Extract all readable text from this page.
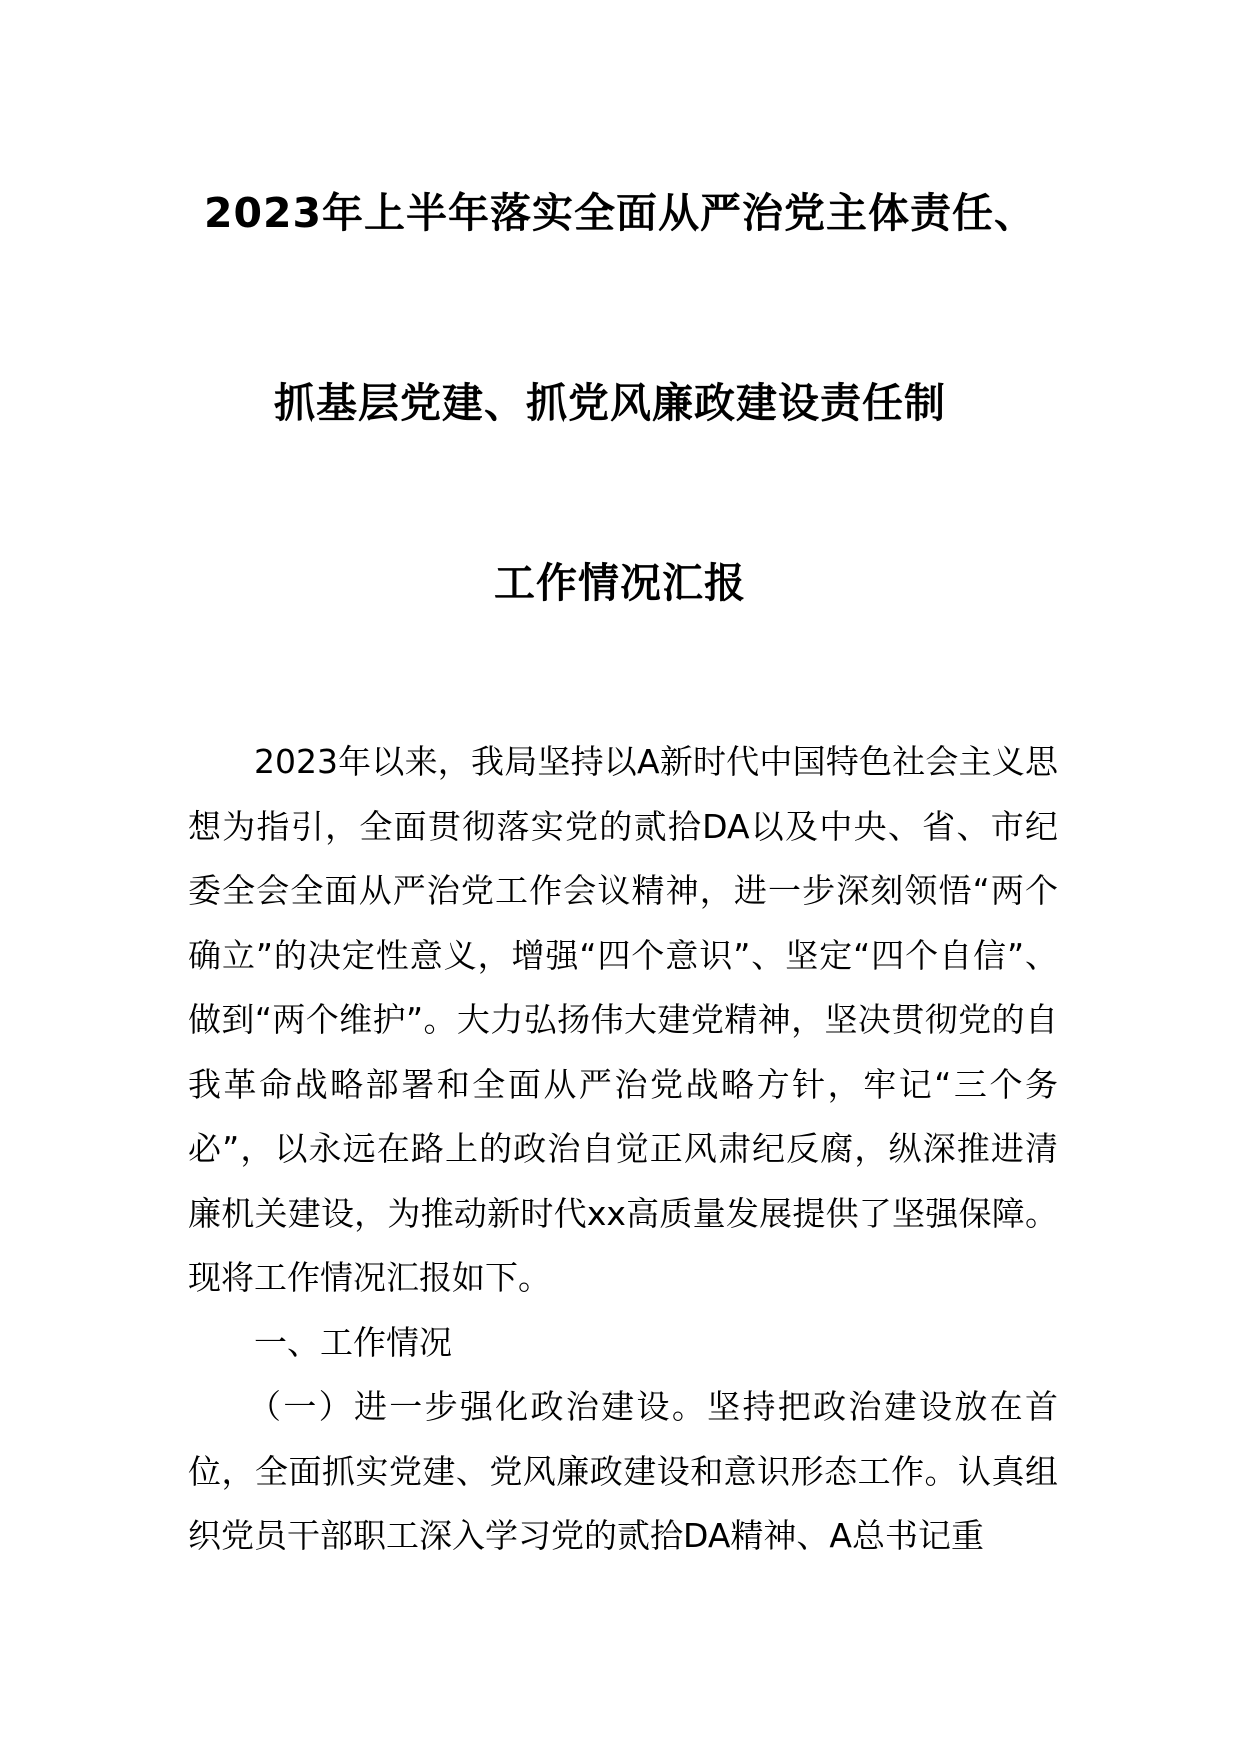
2023年上半年落实全面从严治党主体责任、
抓基层党建、抓党风廉政建设责任制
工作情况汇报

2023年以来，我局坚持以A新时代中国特色社会主义思想为指引，全面贯彻落实党的贰拾DA以及中央、省、市纪委全会全面从严治党工作会议精神，进一步深刻领悟“两个确立”的决定性意义，增强“四个意识”、坚定“四个自信”、做到“两个维护”。大力弘扬伟大建党精神，坚决贯彻党的自我革命战略部署和全面从严治党战略方针，牢记“三个务必”，以永远在路上的政治自觉正风肃纪反腐，纵深推进清廉机关建设，为推动新时代xx高质量发展提供了坚强保障。现将工作情况汇报如下。

一、工作情况

（一）进一步强化政治建设。坚持把政治建设放在首位，全面抓实党建、党风廉政建设和意识形态工作。认真组织党员干部职工深入学习党的贰拾DA精神、A总书记重
